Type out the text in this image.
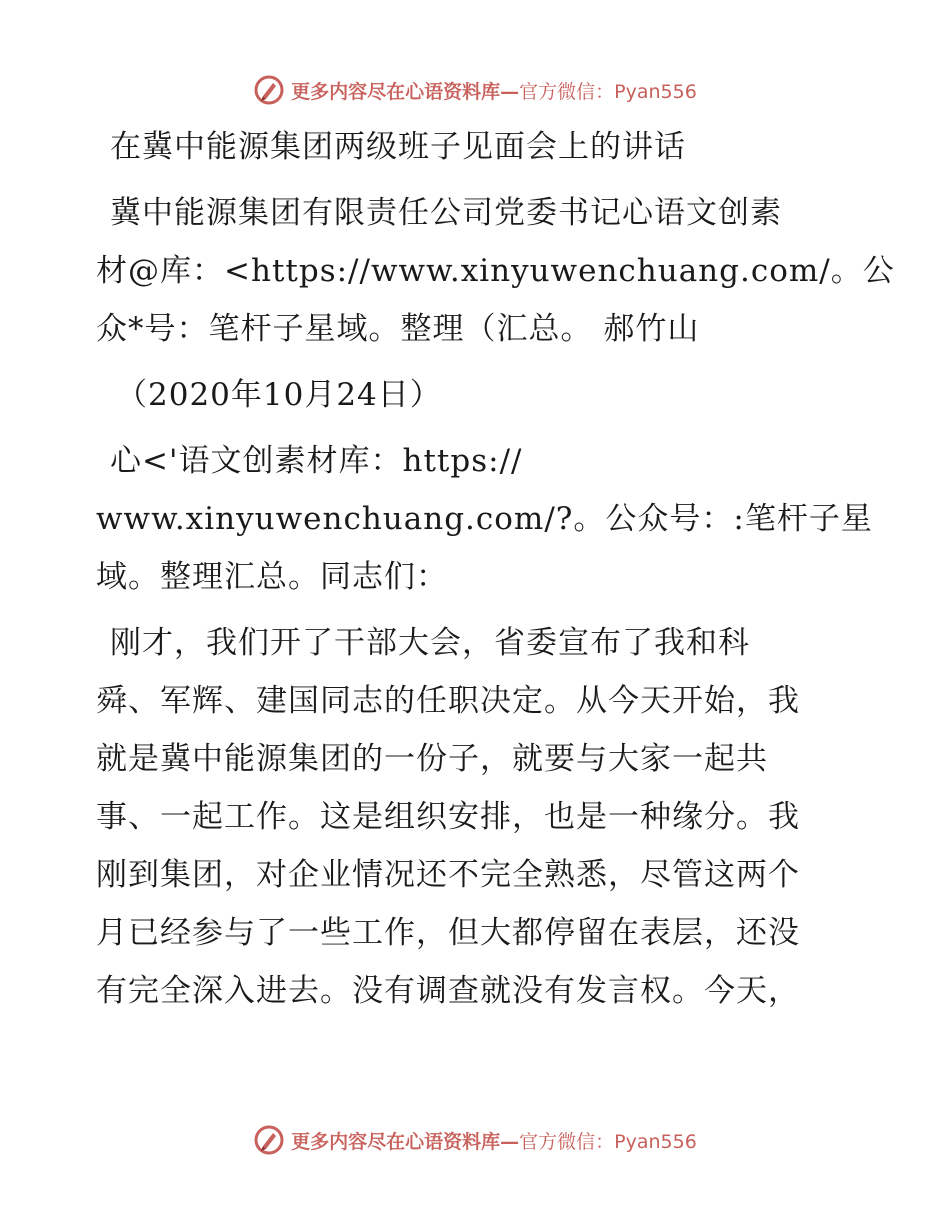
更多内容尽在心语资料库— 官方微信：Pyan556
在冀中能源集团两级班子见面会上的讲话
冀中能源集团有限责任公司党委书记心语文创素
材@库：<https://www.xinyuwenchuang.com/。公
众*号：笔杆子星域。整理（汇总。 郝竹山
（2020年10月24日）
心<'语文创素材库：https://
www.xinyuwenchuang.com/?。公众号：:笔杆子星
域。整理汇总。同志们：
刚才，我们开了干部大会，省委宣布了我和科
舜、军辉、建国同志的任职决定。从今天开始，我
就是冀中能源集团的一份子，就要与大家一起共
事、一起工作。这是组织安排，也是一种缘分。我
刚到集团，对企业情况还不完全熟悉，尽管这两个
月已经参与了一些工作，但大都停留在表层，还没
有完全深入进去。没有调查就没有发言权。今天，
更多内容尽在心语资料库— 官方微信：Pyan556
